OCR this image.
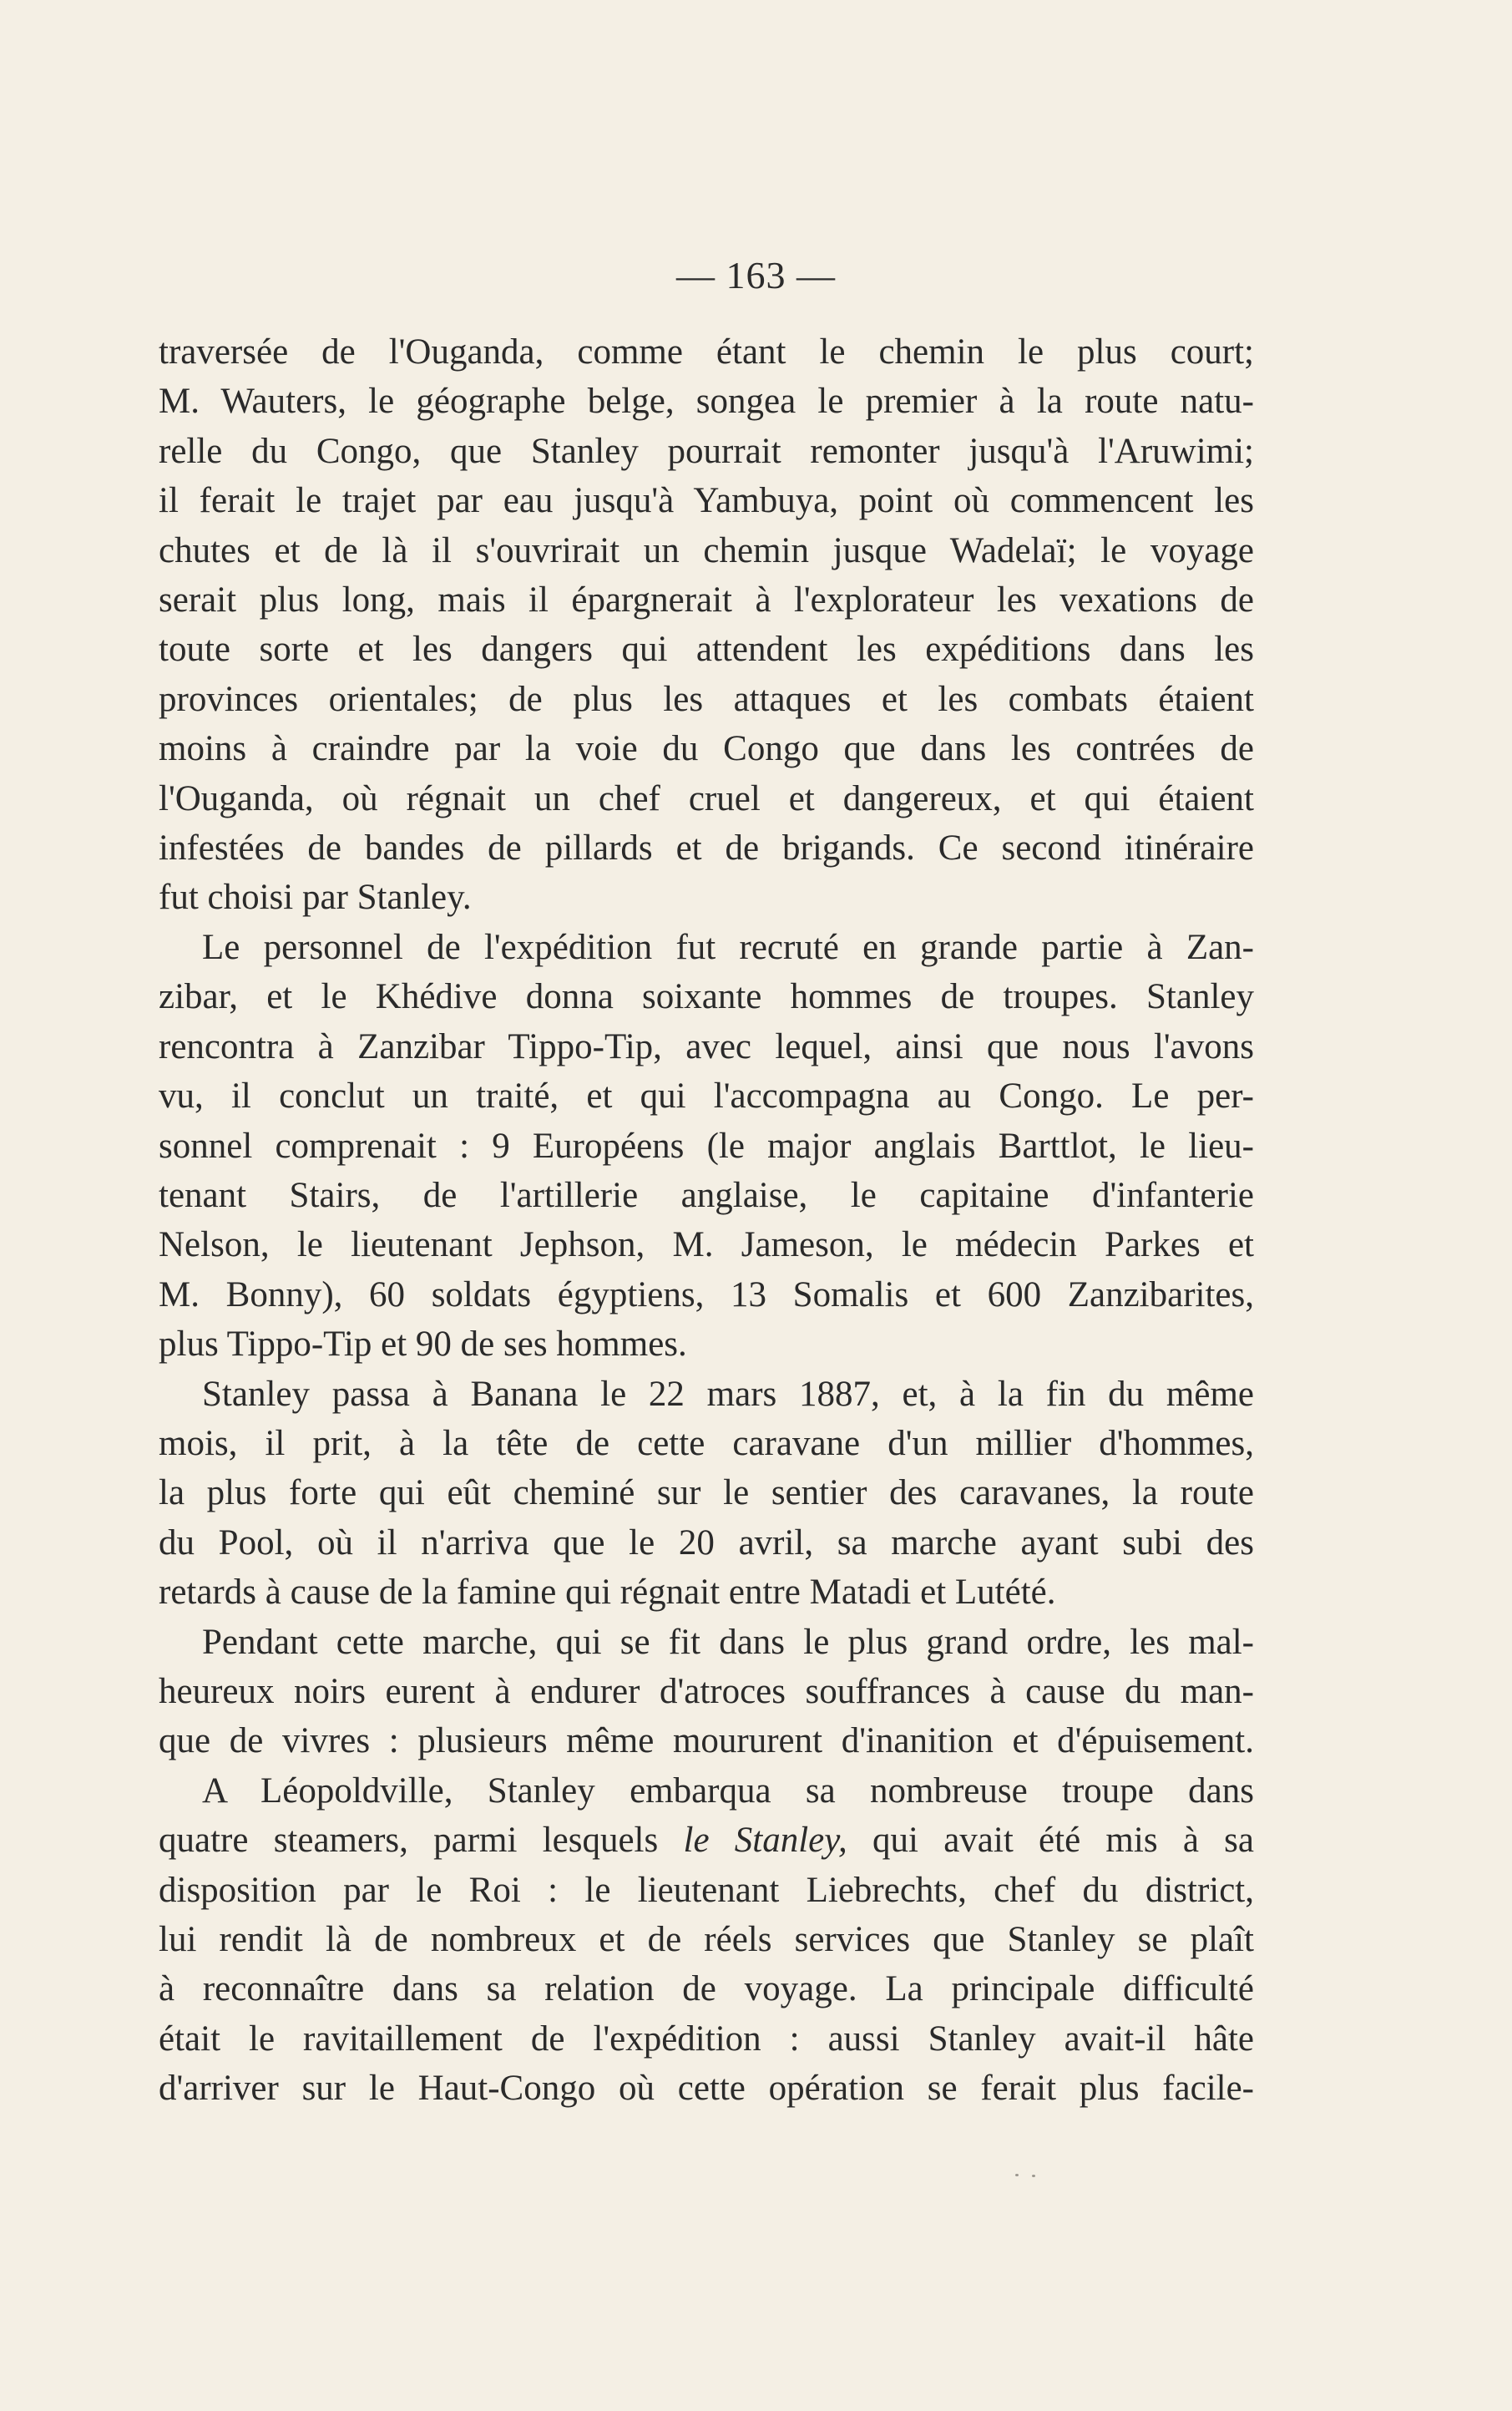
— 163 —
traversée de l'Ouganda, comme étant le chemin le plus court;
M. Wauters, le géographe belge, songea le premier à la route natu-
relle du Congo, que Stanley pourrait remonter jusqu'à l'Aruwimi;
il ferait le trajet par eau jusqu'à Yambuya, point où commencent les
chutes et de là il s'ouvrirait un chemin jusque Wadelaï; le voyage
serait plus long, mais il épargnerait à l'explorateur les vexations de
toute sorte et les dangers qui attendent les expéditions dans les
provinces orientales; de plus les attaques et les combats étaient
moins à craindre par la voie du Congo que dans les contrées de
l'Ouganda, où régnait un chef cruel et dangereux, et qui étaient
infestées de bandes de pillards et de brigands. Ce second itinéraire
fut choisi par Stanley.
Le personnel de l'expédition fut recruté en grande partie à Zan-
zibar, et le Khédive donna soixante hommes de troupes. Stanley
rencontra à Zanzibar Tippo-Tip, avec lequel, ainsi que nous l'avons
vu, il conclut un traité, et qui l'accompagna au Congo. Le per-
sonnel comprenait : 9 Européens (le major anglais Barttlot, le lieu-
tenant Stairs, de l'artillerie anglaise, le capitaine d'infanterie
Nelson, le lieutenant Jephson, M. Jameson, le médecin Parkes et
M. Bonny), 60 soldats égyptiens, 13 Somalis et 600 Zanzibarites,
plus Tippo-Tip et 90 de ses hommes.
Stanley passa à Banana le 22 mars 1887, et, à la fin du même
mois, il prit, à la tête de cette caravane d'un millier d'hommes,
la plus forte qui eût cheminé sur le sentier des caravanes, la route
du Pool, où il n'arriva que le 20 avril, sa marche ayant subi des
retards à cause de la famine qui régnait entre Matadi et Lutété.
Pendant cette marche, qui se fit dans le plus grand ordre, les mal-
heureux noirs eurent à endurer d'atroces souffrances à cause du man-
que de vivres : plusieurs même moururent d'inanition et d'épuisement.
A Léopoldville, Stanley embarqua sa nombreuse troupe dans
quatre steamers, parmi lesquels le Stanley, qui avait été mis à sa
disposition par le Roi : le lieutenant Liebrechts, chef du district,
lui rendit là de nombreux et de réels services que Stanley se plaît
à reconnaître dans sa relation de voyage. La principale difficulté
était le ravitaillement de l'expédition : aussi Stanley avait-il hâte
d'arriver sur le Haut-Congo où cette opération se ferait plus facile-
